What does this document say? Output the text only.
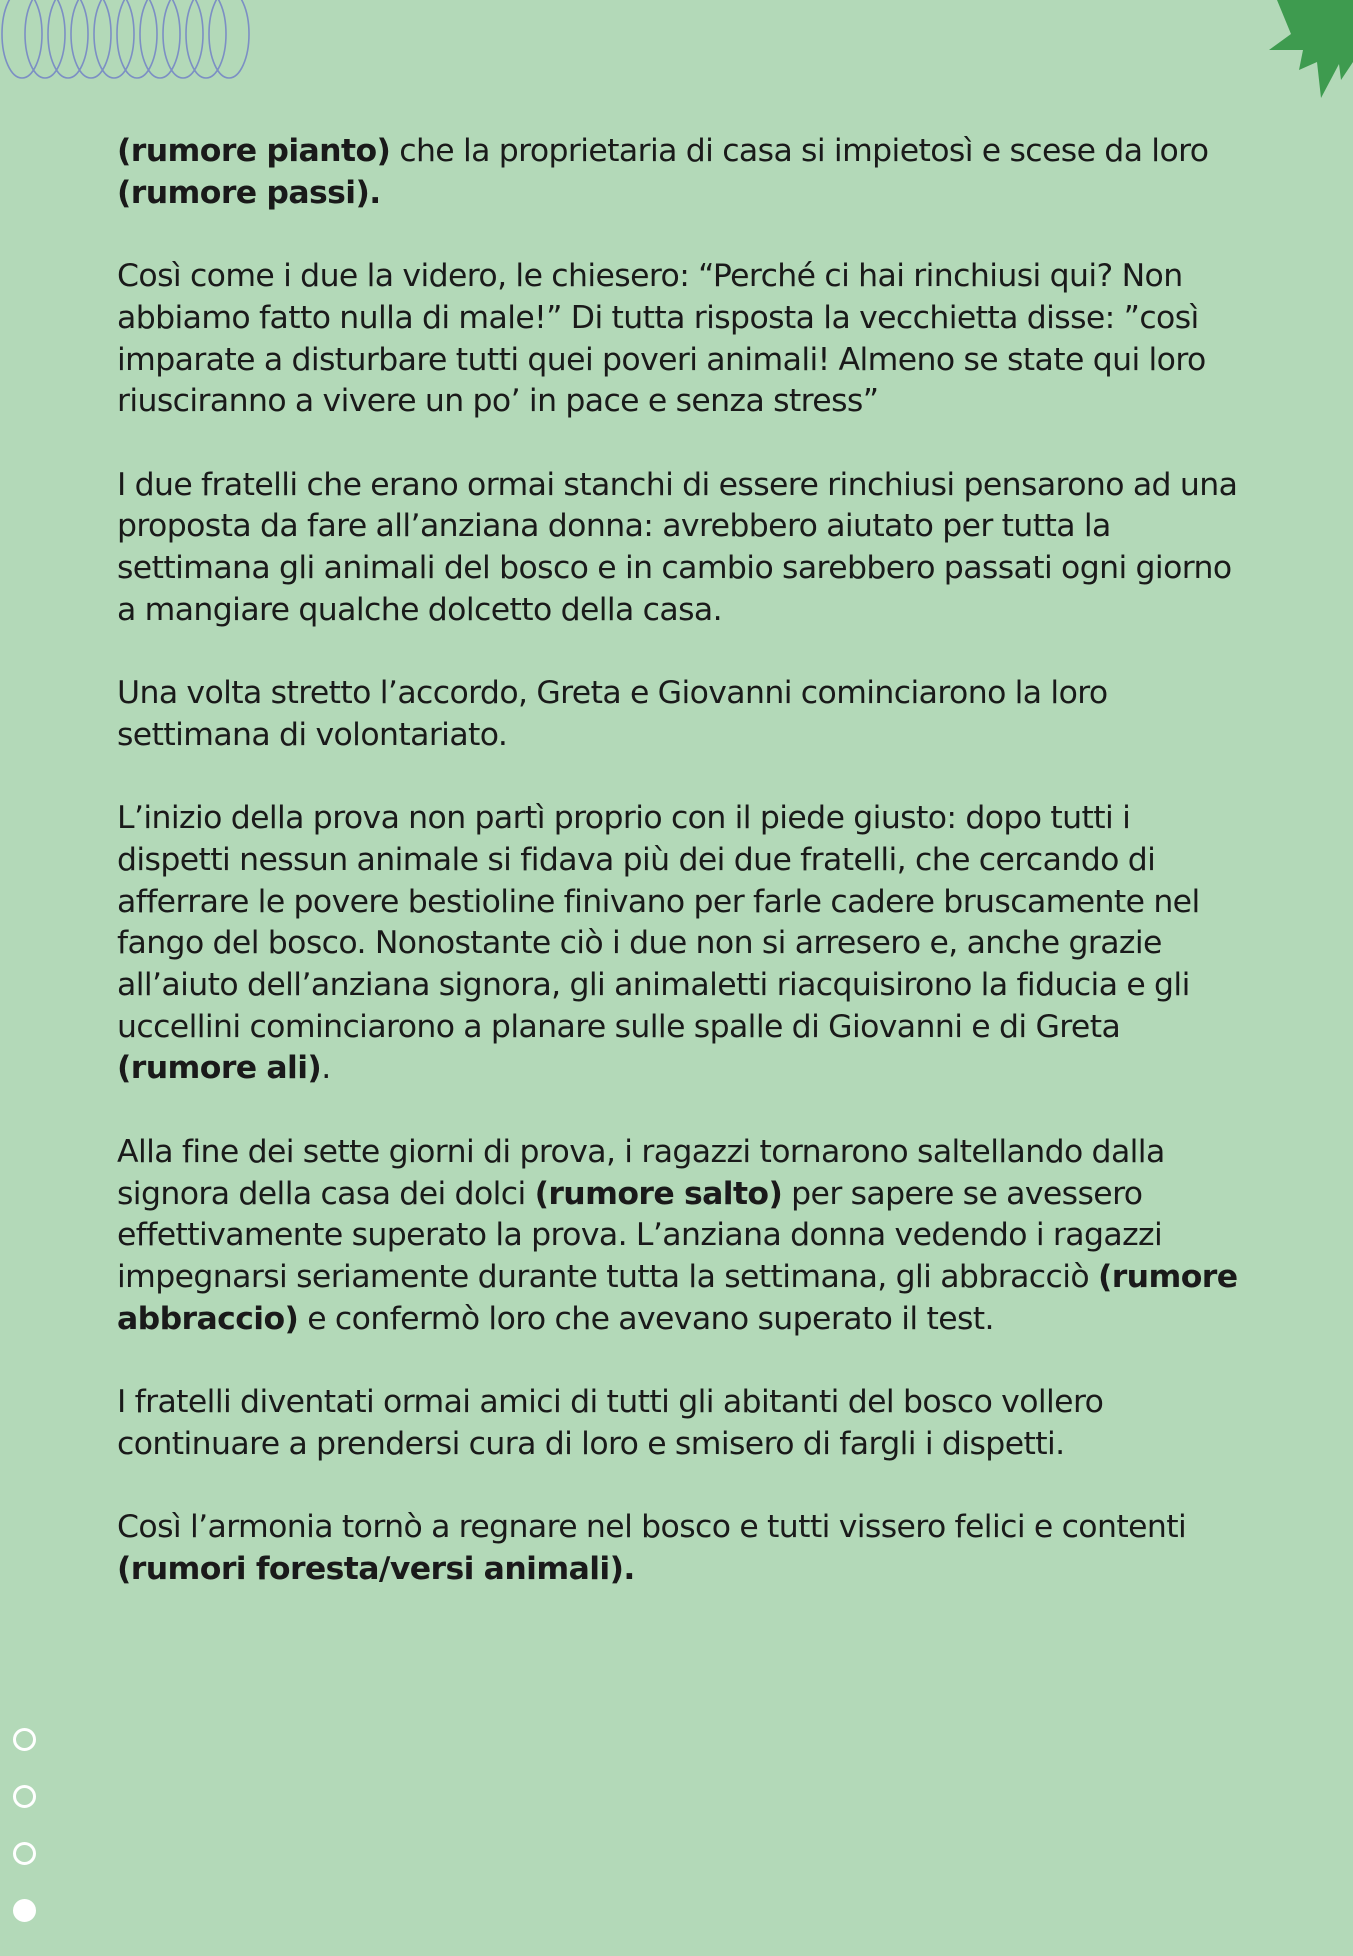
(rumore pianto) che la proprietaria di casa si impietosì e scese da loro (rumore passi).

Così come i due la videro, le chiesero: “Perché ci hai rinchiusi qui? Non abbiamo fatto nulla di male!” Di tutta risposta la vecchietta disse: ”così imparate a disturbare tutti quei poveri animali! Almeno se state qui loro riusciranno a vivere un po’ in pace e senza stress”

I due fratelli che erano ormai stanchi di essere rinchiusi pensarono ad una proposta da fare all’anziana donna: avrebbero aiutato per tutta la settimana gli animali del bosco e in cambio sarebbero passati ogni giorno a mangiare qualche dolcetto della casa.

Una volta stretto l’accordo, Greta e Giovanni cominciarono la loro settimana di volontariato.

L’inizio della prova non partì proprio con il piede giusto: dopo tutti i dispetti nessun animale si fidava più dei due fratelli, che cercando di afferrare le povere bestioline finivano per farle cadere bruscamente nel fango del bosco. Nonostante ciò i due non si arresero e, anche grazie all’aiuto dell’anziana signora, gli animaletti riacquisirono la fiducia e gli uccellini cominciarono a planare sulle spalle di Giovanni e di Greta (rumore ali).

Alla fine dei sette giorni di prova, i ragazzi tornarono saltellando dalla signora della casa dei dolci (rumore salto) per sapere se avessero effettivamente superato la prova. L’anziana donna vedendo i ragazzi impegnarsi seriamente durante tutta la settimana, gli abbracciò (rumore abbraccio) e confermò loro che avevano superato il test.

I fratelli diventati ormai amici di tutti gli abitanti del bosco vollero continuare a prendersi cura di loro e smisero di fargli i dispetti.

Così l’armonia tornò a regnare nel bosco e tutti vissero felici e contenti (rumori foresta/versi animali).
